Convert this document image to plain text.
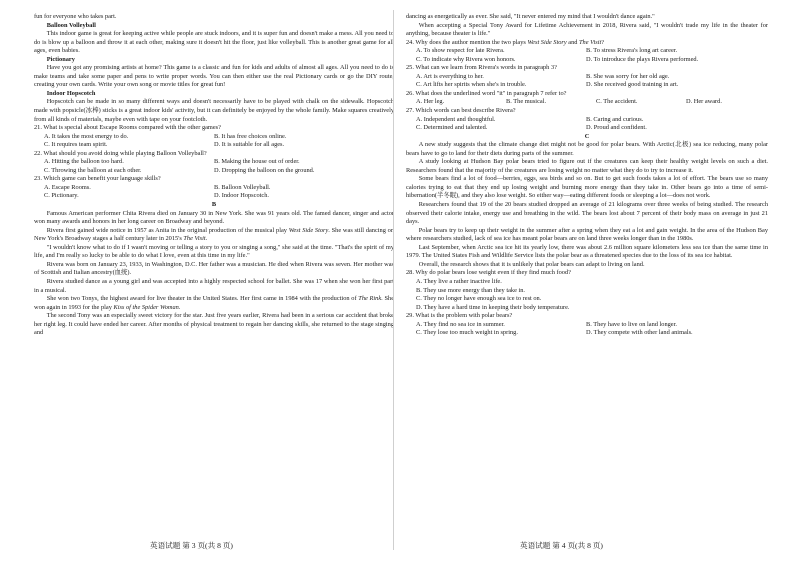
fun for everyone who takes part.

Balloon Volleyball

This indoor game is great for keeping active while people are stuck indoors, and it is super fun and doesn't make a mess. All you need to do is blow up a balloon and throw it at each other, making sure it doesn't hit the floor, just like volleyball. This is another great game for all ages, even babies.

Pictionary

Have you got any promising artists at home? This game is a classic and fun for kids and adults of almost all ages. All you need to do is make teams and take some paper and pens to write proper words. You can then either use the real Pictionary cards or go the DIY route, creating your own cards. Write your own song or movie titles for great fun!

Indoor Hopscotch

Hopscotch can be made in so many different ways and doesn't necessarily have to be played with chalk on the sidewalk. Hopscotch made with popsicle(冰棒) sticks is a great indoor kids' activity, but it can definitely be enjoyed by the whole family. Make squares creatively from all kinds of materials, maybe even with tape on your footcloth.

21. What is special about Escape Rooms compared with the other games?

A. It takes the most energy to do.	B. It has free choices online.
C. It requires team spirit.	D. It is suitable for all ages.

22. What should you avoid doing while playing Balloon Volleyball?

A. Hitting the balloon too hard.	B. Making the house out of order.
C. Throwing the balloon at each other.	D. Dropping the balloon on the ground.

23. Which game can benefit your language skills?

A. Escape Rooms.	B. Balloon Volleyball.
C. Pictionary.	D. Indoor Hopscotch.

B

Famous American performer Chita Rivera died on January 30 in New York. She was 91 years old. The famed dancer, singer and actor won many awards and honors in her long career on Broadway and beyond.

Rivera first gained wide notice in 1957 as Anita in the original production of the musical play West Side Story. She was still dancing on New York's Broadway stages a half century later in 2015's The Visit.

"I wouldn't know what to do if I wasn't moving or telling a story to you or singing a song," she said at the time. "That's the spirit of my life, and I'm really so lucky to be able to do what I love, even at this time in my life."

Rivera was born on January 23, 1933, in Washington, D.C. Her father was a musician. He died when Rivera was seven. Her mother was of Scottish and Italian ancestry(血统).

Rivera studied dance as a young girl and was accepted into a highly respected school for ballet. She was 17 when she won her first part in a musical.

She won two Tonys, the highest award for live theater in the United States. Her first came in 1984 with the production of The Rink. She won again in 1993 for the play Kiss of the Spider Woman.

The second Tony was an especially sweet victory for the star. Just five years earlier, Rivera had been in a serious car accident that broke her right leg. It could have ended her career. After months of physical treatment to regain her dancing skills, she returned to the stage singing and

dancing as energetically as ever. She said, "It never entered my mind that I wouldn't dance again."

When accepting a Special Tony Award for Lifetime Achievement in 2018, Rivera said, "I wouldn't trade my life in the theater for anything, because theater is life."

24. Why does the author mention the two plays West Side Story and The Visit?

A. To show respect for late Rivera.	B. To stress Rivera's long art career.
C. To indicate why Rivera won honors.	D. To introduce the plays Rivera performed.

25. What can we learn from Rivera's words in paragraph 3?

A. Art is everything to her.	B. She was sorry for her old age.
C. Art lifts her spirits when she's in trouble.	D. She received good training in art.

26. What does the underlined word "it" in paragraph 7 refer to?

A. Her leg.	B. The musical.	C. The accident.	D. Her award.

27. Which words can best describe Rivera?

A. Independent and thoughtful.	B. Caring and curious.
C. Determined and talented.	D. Proud and confident.

C

A new study suggests that the climate change diet might not be good for polar bears. With Arctic(北极) sea ice reducing, many polar bears have to go to land for their diets during parts of the summer.

A study looking at Hudson Bay polar bears tried to figure out if the creatures can keep their healthy weight levels on such a diet. Researchers found that the majority of the creatures are losing weight no matter what they do to try to increase it.

Some bears find a lot of food—berries, eggs, sea birds and so on. But to get such foods takes a lot of effort. The bears use so many calories trying to eat that they end up losing weight and burning more energy than they take in. Other bears go into a time of semi-hibernation(半冬眠), and they also lose weight. So either way—eating different foods or sleeping a lot—does not work.

Researchers found that 19 of the 20 bears studied dropped an average of 21 kilograms over three weeks of being studied. The research observed their calorie intake, energy use and breathing in the wild. The bears lost about 7 percent of their body mass on average in just 21 days.

Polar bears try to keep up their weight in the summer after a spring when they eat a lot and gain weight. In the area of the Hudson Bay where researchers studied, lack of sea ice has meant polar bears are on land three weeks longer than in the 1980s.

Last September, when Arctic sea ice hit its yearly low, there was about 2.6 million square kilometers less sea ice than the same time in 1979. The United States Fish and Wildlife Service lists the polar bear as a threatened species due to the loss of its sea ice habitat.

Overall, the research shows that it is unlikely that polar bears can adapt to living on land.

28. Why do polar bears lose weight even if they find much food?

A. They live a rather inactive life.
B. They use more energy than they take in.
C. They no longer have enough sea ice to rest on.
D. They have a hard time in keeping their body temperature.

29. What is the problem with polar bears?

A. They find no sea ice in summer.	B. They have to live on land longer.
C. They lose too much weight in spring.	D. They compete with other land animals.
英语试题 第 3 页(共 8 页)	英语试题 第 4 页(共 8 页)
